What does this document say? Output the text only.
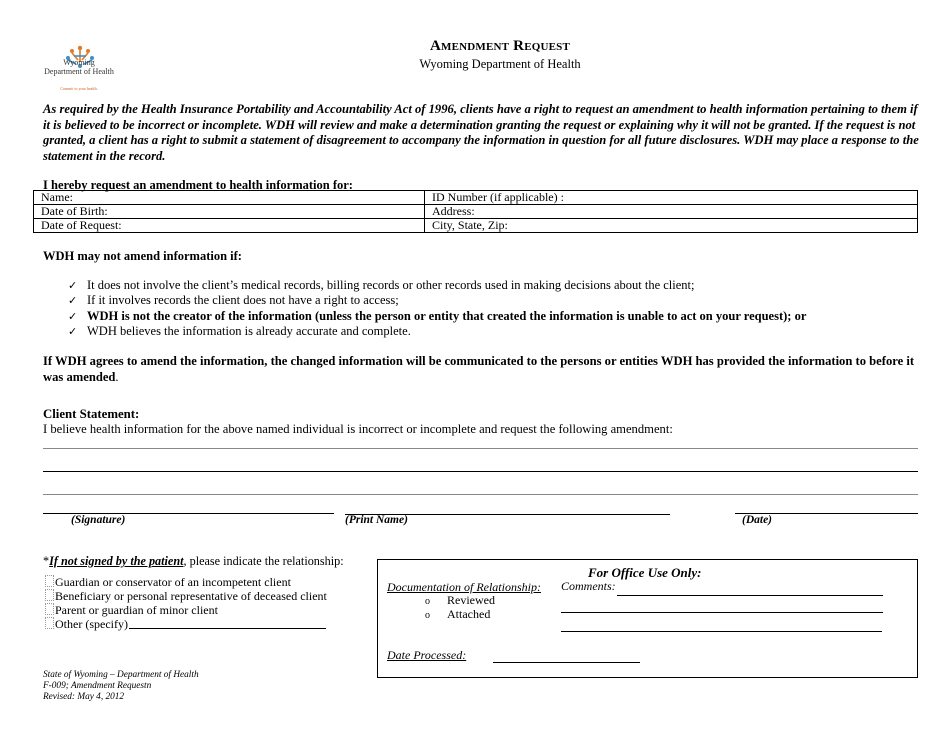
Wyoming Department of Health
Commit to your health.
Amendment Request
Wyoming Department of Health
As required by the Health Insurance Portability and Accountability Act of 1996, clients have a right to request an amendment to health information pertaining to them if it is believed to be incorrect or incomplete. WDH will review and make a determination granting the request or explaining why it will not be granted. If the request is not granted, a client has a right to submit a statement of disagreement to accompany the information in question for all future disclosures. WDH may place a response to the statement in the record.
I hereby request an amendment to health information for:
Name:	ID Number (if applicable) :
Date of Birth:	Address:
Date of Request:	City, State, Zip:
WDH may not amend information if:
✓ It does not involve the client’s medical records, billing records or other records used in making decisions about the client;
✓ If it involves records the client does not have a right to access;
✓ WDH is not the creator of the information (unless the person or entity that created the information is unable to act on your request); or
✓ WDH believes the information is already accurate and complete.
If WDH agrees to amend the information, the changed information will be communicated to the persons or entities WDH has provided the information to before it was amended.
Client Statement:
I believe health information for the above named individual is incorrect or incomplete and request the following amendment:
(Signature)	(Print Name)	(Date)
*If not signed by the patient, please indicate the relationship:
Guardian or conservator of an incompetent client
Beneficiary or personal representative of deceased client
Parent or guardian of minor client
Other (specify)
For Office Use Only:
Documentation of Relationship:
o Reviewed
o Attached
Comments:
Date Processed:
State of Wyoming – Department of Health
F-009; Amendment Requestn
Revised: May 4, 2012
